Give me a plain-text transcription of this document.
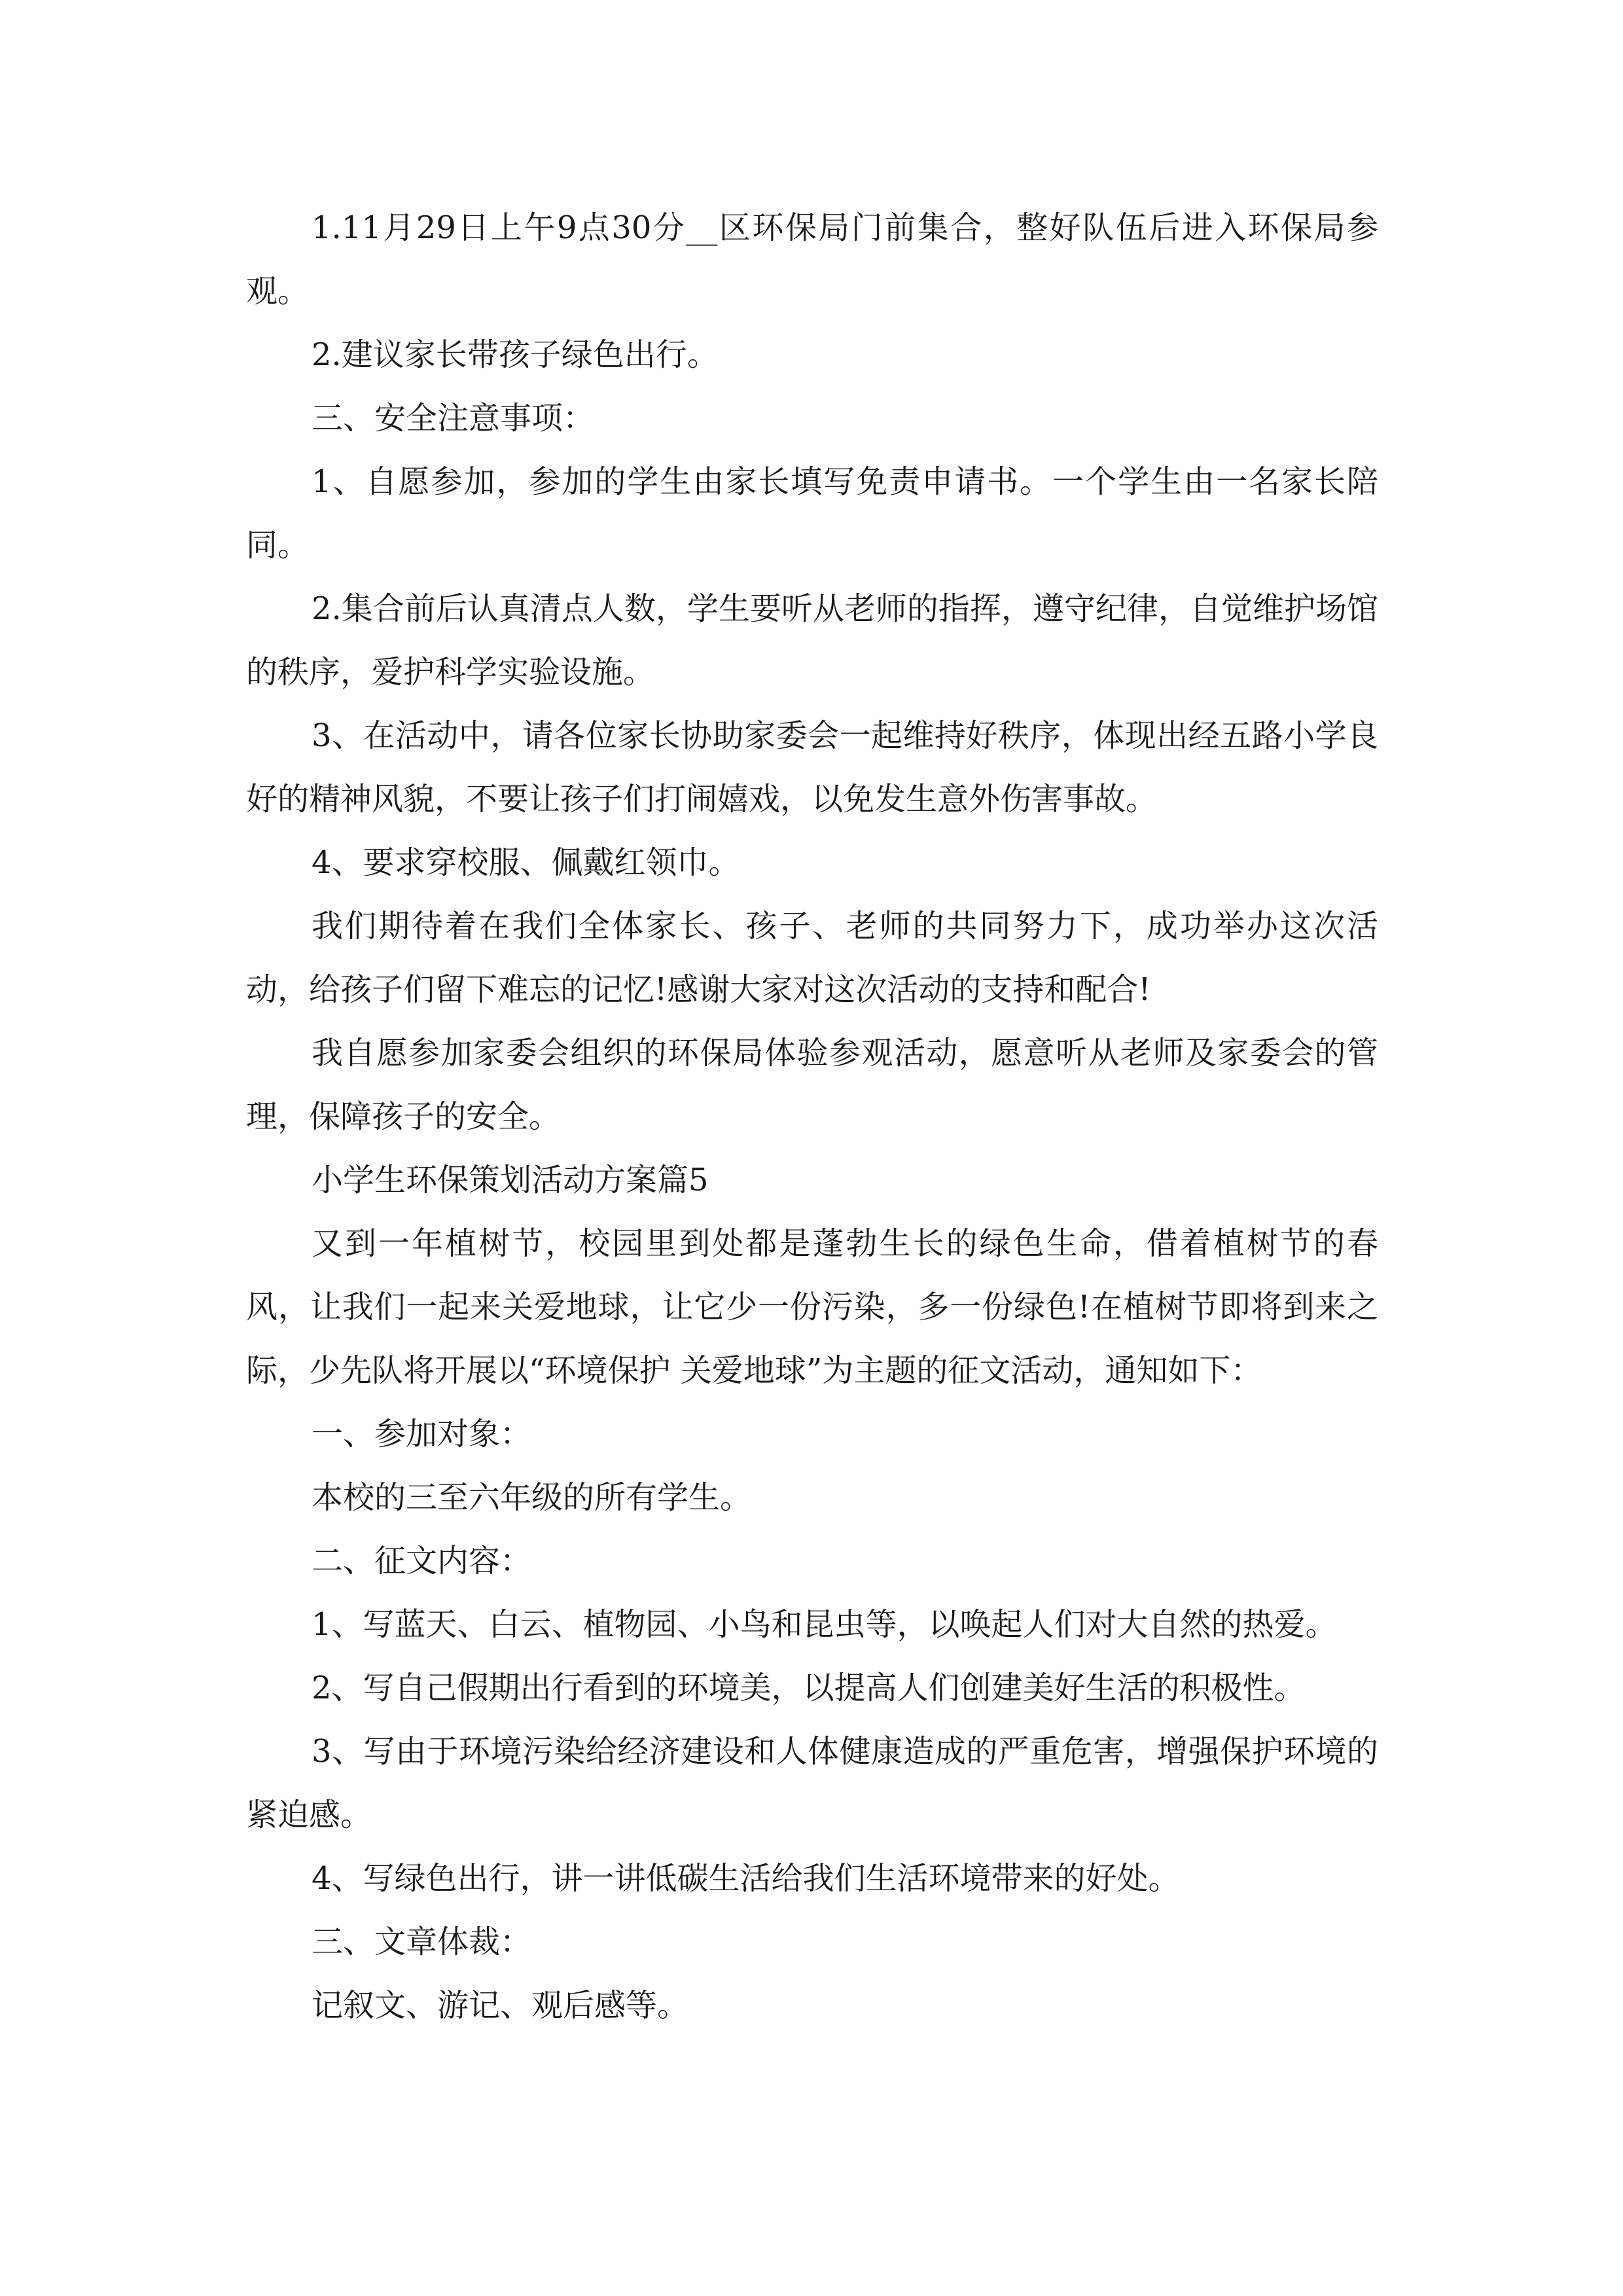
1.11月29日上午9点30分__区环保局门前集合，整好队伍后进入环保局参观。

2.建议家长带孩子绿色出行。

三、安全注意事项：

1、自愿参加，参加的学生由家长填写免责申请书。一个学生由一名家长陪同。

2.集合前后认真清点人数，学生要听从老师的指挥，遵守纪律，自觉维护场馆的秩序，爱护科学实验设施。

3、在活动中，请各位家长协助家委会一起维持好秩序，体现出经五路小学良好的精神风貌，不要让孩子们打闹嬉戏，以免发生意外伤害事故。

4、要求穿校服、佩戴红领巾。

我们期待着在我们全体家长、孩子、老师的共同努力下，成功举办这次活动，给孩子们留下难忘的记忆!感谢大家对这次活动的支持和配合!

我自愿参加家委会组织的环保局体验参观活动，愿意听从老师及家委会的管理，保障孩子的安全。

小学生环保策划活动方案篇5

又到一年植树节，校园里到处都是蓬勃生长的绿色生命，借着植树节的春风，让我们一起来关爱地球，让它少一份污染，多一份绿色!在植树节即将到来之际，少先队将开展以“环境保护 关爱地球”为主题的征文活动，通知如下：

一、参加对象：

本校的三至六年级的所有学生。

二、征文内容：

1、写蓝天、白云、植物园、小鸟和昆虫等，以唤起人们对大自然的热爱。

2、写自己假期出行看到的环境美，以提高人们创建美好生活的积极性。

3、写由于环境污染给经济建设和人体健康造成的严重危害，增强保护环境的紧迫感。

4、写绿色出行，讲一讲低碳生活给我们生活环境带来的好处。

三、文章体裁：

记叙文、游记、观后感等。
